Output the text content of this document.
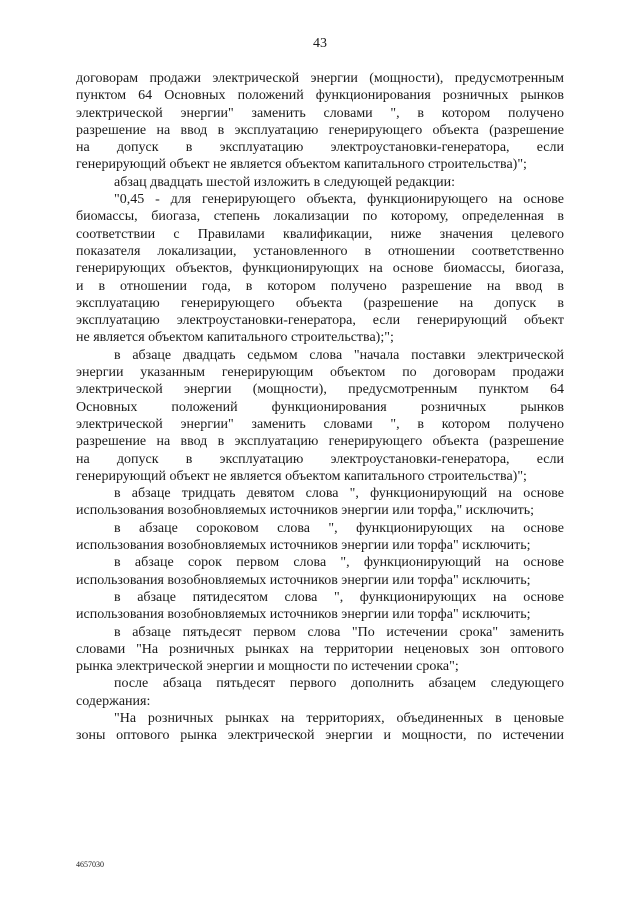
43
договорам продажи электрической энергии (мощности), предусмотренным
пунктом 64 Основных положений функционирования розничных рынков
электрической энергии" заменить словами ", в котором получено
разрешение на ввод в эксплуатацию генерирующего объекта (разрешение
на допуск в эксплуатацию электроустановки-генератора, если
генерирующий объект не является объектом капитального строительства)";
абзац двадцать шестой изложить в следующей редакции:
"0,45 - для генерирующего объекта, функционирующего на основе
биомассы, биогаза, степень локализации по которому, определенная в
соответствии с Правилами квалификации, ниже значения целевого
показателя локализации, установленного в отношении соответственно
генерирующих объектов, функционирующих на основе биомассы, биогаза,
и в отношении года, в котором получено разрешение на ввод в
эксплуатацию генерирующего объекта (разрешение на допуск в
эксплуатацию электроустановки-генератора, если генерирующий объект
не является объектом капитального строительства);";
в абзаце двадцать седьмом слова "начала поставки электрической
энергии указанным генерирующим объектом по договорам продажи
электрической энергии (мощности), предусмотренным пунктом 64
Основных положений функционирования розничных рынков
электрической энергии" заменить словами ", в котором получено
разрешение на ввод в эксплуатацию генерирующего объекта (разрешение
на допуск в эксплуатацию электроустановки-генератора, если
генерирующий объект не является объектом капитального строительства)";
в абзаце тридцать девятом слова ", функционирующий на основе
использования возобновляемых источников энергии или торфа," исключить;
в абзаце сороковом слова ", функционирующих на основе
использования возобновляемых источников энергии или торфа" исключить;
в абзаце сорок первом слова ", функционирующий на основе
использования возобновляемых источников энергии или торфа" исключить;
в абзаце пятидесятом слова ", функционирующих на основе
использования возобновляемых источников энергии или торфа" исключить;
в абзаце пятьдесят первом слова "По истечении срока" заменить
словами "На розничных рынках на территории неценовых зон оптового
рынка электрической энергии и мощности по истечении срока";
после абзаца пятьдесят первого дополнить абзацем следующего
содержания:
"На розничных рынках на территориях, объединенных в ценовые
зоны оптового рынка электрической энергии и мощности, по истечении
4657030
